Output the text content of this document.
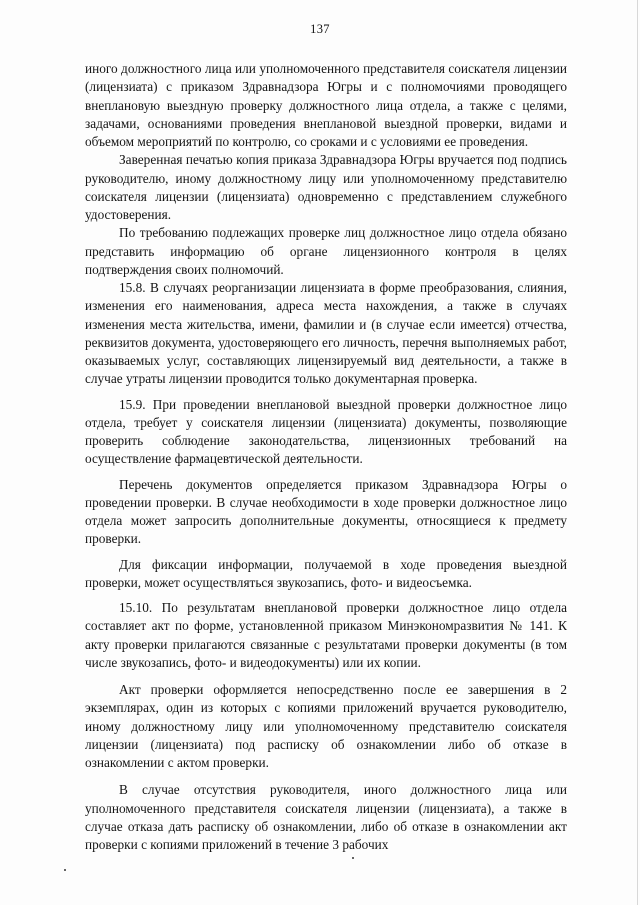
137

иного должностного лица или уполномоченного представителя соискателя лицензии (лицензиата) с приказом Здравнадзора Югры и с полномочиями проводящего внеплановую выездную проверку должностного лица отдела, а также с целями, задачами, основаниями проведения внеплановой выездной проверки, видами и объемом мероприятий по контролю, со сроками и с условиями ее проведения.

Заверенная печатью копия приказа Здравнадзора Югры вручается под подпись руководителю, иному должностному лицу или уполномоченному представителю соискателя лицензии (лицензиата) одновременно с представлением служебного удостоверения.

По требованию подлежащих проверке лиц должностное лицо отдела обязано представить информацию об органе лицензионного контроля в целях подтверждения своих полномочий.

15.8. В случаях реорганизации лицензиата в форме преобразования, слияния, изменения его наименования, адреса места нахождения, а также в случаях изменения места жительства, имени, фамилии и (в случае если имеется) отчества, реквизитов документа, удостоверяющего его личность, перечня выполняемых работ, оказываемых услуг, составляющих лицензируемый вид деятельности, а также в случае утраты лицензии проводится только документарная проверка.

15.9. При проведении внеплановой выездной проверки должностное лицо отдела, требует у соискателя лицензии (лицензиата) документы, позволяющие проверить соблюдение законодательства, лицензионных требований на осуществление фармацевтической деятельности.

Перечень документов определяется приказом Здравнадзора Югры о проведении проверки. В случае необходимости в ходе проверки должностное лицо отдела может запросить дополнительные документы, относящиеся к предмету проверки.

Для фиксации информации, получаемой в ходе проведения выездной проверки, может осуществляться звукозапись, фото- и видеосъемка.

15.10. По результатам внеплановой проверки должностное лицо отдела составляет акт по форме, установленной приказом Минэкономразвития № 141. К акту проверки прилагаются связанные с результатами проверки документы (в том числе звукозапись, фото- и видеодокументы) или их копии.

Акт проверки оформляется непосредственно после ее завершения в 2 экземплярах, один из которых с копиями приложений вручается руководителю, иному должностному лицу или уполномоченному представителю соискателя лицензии (лицензиата) под расписку об ознакомлении либо об отказе в ознакомлении с актом проверки.

В случае отсутствия руководителя, иного должностного лица или уполномоченного представителя соискателя лицензии (лицензиата), а также в случае отказа дать расписку об ознакомлении, либо об отказе в ознакомлении акт проверки с копиями приложений в течение 3 рабочих
